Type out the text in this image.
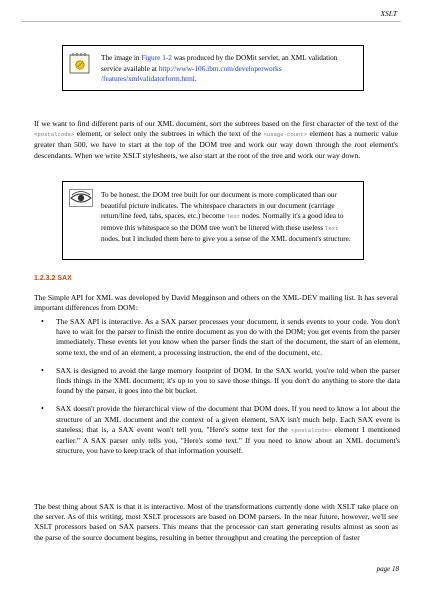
XSLT
The image in Figure 1-2 was produced by the DOMit servlet, an XML validation service available at http://www-106.ibm.com/developerworks /features/xmlvalidatorform.html.
If we want to find different parts of our XML document, sort the subtrees based on the first character of the text of the <postalcode> element, or select only the subtrees in which the text of the <usage-count> element has a numeric value greater than 500, we have to start at the top of the DOM tree and work our way down through the root element's descendants. When we write XSLT stylesheets, we also start at the root of the tree and work our way down.
To be honest, the DOM tree built for our document is more complicated than our beautiful picture indicates. The whitespace characters in our document (carriage return/line feed, tabs, spaces, etc.) become Text nodes. Normally it's a good idea to remove this whitespace so the DOM tree won't be littered with these useless Text nodes, but I included them here to give you a sense of the XML document's structure.
1.2.3.2 SAX
The Simple API for XML was developed by David Megginson and others on the XML-DEV mailing list. It has several important differences from DOM:
• The SAX API is interactive. As a SAX parser processes your document, it sends events to your code. You don't have to wait for the parser to finish the entire document as you do with the DOM; you get events from the parser immediately. These events let you know when the parser finds the start of the document, the start of an element, some text, the end of an element, a processing instruction, the end of the document, etc.
• SAX is designed to avoid the large memory footprint of DOM. In the SAX world, you're told when the parser finds things in the XML document; it's up to you to save those things. If you don't do anything to store the data found by the parser, it goes into the bit bucket.
• SAX doesn't provide the hierarchical view of the document that DOM does. If you need to know a lot about the structure of an XML document and the context of a given element, SAX isn't much help. Each SAX event is stateless; that is, a SAX event won't tell you, "Here's some text for the <postalcode> element I mentioned earlier." A SAX parser only tells you, "Here's some text." If you need to know about an XML document's structure, you have to keep track of that information yourself.
The best thing about SAX is that it is interactive. Most of the transformations currently done with XSLT take place on the server. As of this writing, most XSLT processors are based on DOM parsers. In the near future, however, we'll see XSLT processors based on SAX parsers. This means that the processor can start generating results almost as soon as the parse of the source document begins, resulting in better throughput and creating the perception of faster
page 18
